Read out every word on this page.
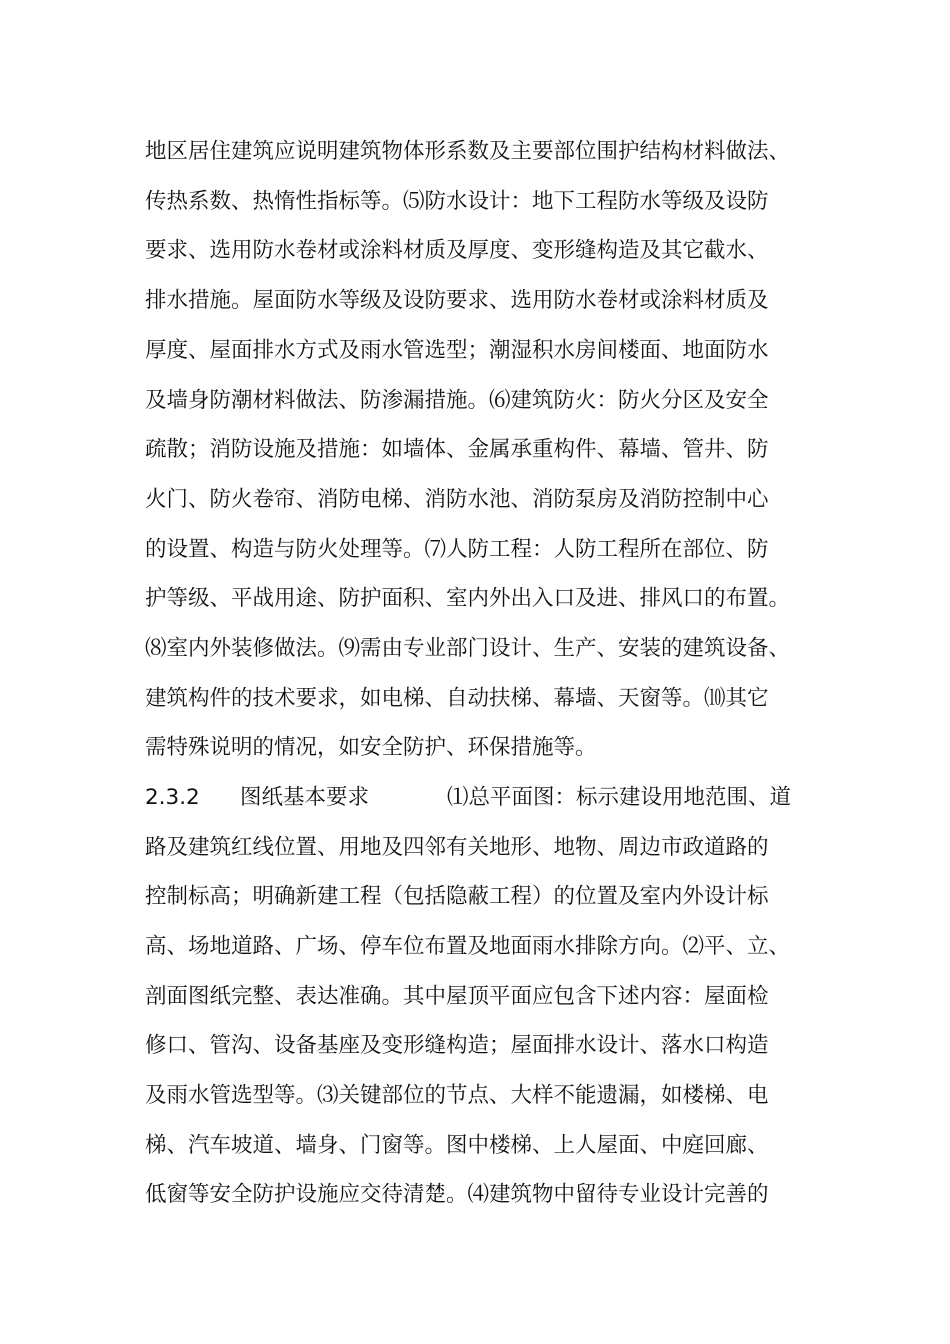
地区居住建筑应说明建筑物体形系数及主要部位围护结构材料做法、
传热系数、热惰性指标等。⑸防水设计：地下工程防水等级及设防
要求、选用防水卷材或涂料材质及厚度、变形缝构造及其它截水、
排水措施。屋面防水等级及设防要求、选用防水卷材或涂料材质及
厚度、屋面排水方式及雨水管选型；潮湿积水房间楼面、地面防水
及墙身防潮材料做法、防渗漏措施。⑹建筑防火：防火分区及安全
疏散；消防设施及措施：如墙体、金属承重构件、幕墙、管井、防
火门、防火卷帘、消防电梯、消防水池、消防泵房及消防控制中心
的设置、构造与防火处理等。⑺人防工程：人防工程所在部位、防
护等级、平战用途、防护面积、室内外出入口及进、排风口的布置。
⑻室内外装修做法。⑼需由专业部门设计、生产、安装的建筑设备、
建筑构件的技术要求，如电梯、自动扶梯、幕墙、天窗等。⑽其它
需特殊说明的情况，如安全防护、环保措施等。
2.3.2 图纸基本要求	⑴总平面图：标示建设用地范围、道
路及建筑红线位置、用地及四邻有关地形、地物、周边市政道路的
控制标高；明确新建工程（包括隐蔽工程）的位置及室内外设计标
高、场地道路、广场、停车位布置及地面雨水排除方向。⑵平、立、
剖面图纸完整、表达准确。其中屋顶平面应包含下述内容：屋面检
修口、管沟、设备基座及变形缝构造；屋面排水设计、落水口构造
及雨水管选型等。⑶关键部位的节点、大样不能遗漏，如楼梯、电
梯、汽车坡道、墙身、门窗等。图中楼梯、上人屋面、中庭回廊、
低窗等安全防护设施应交待清楚。⑷建筑物中留待专业设计完善的
